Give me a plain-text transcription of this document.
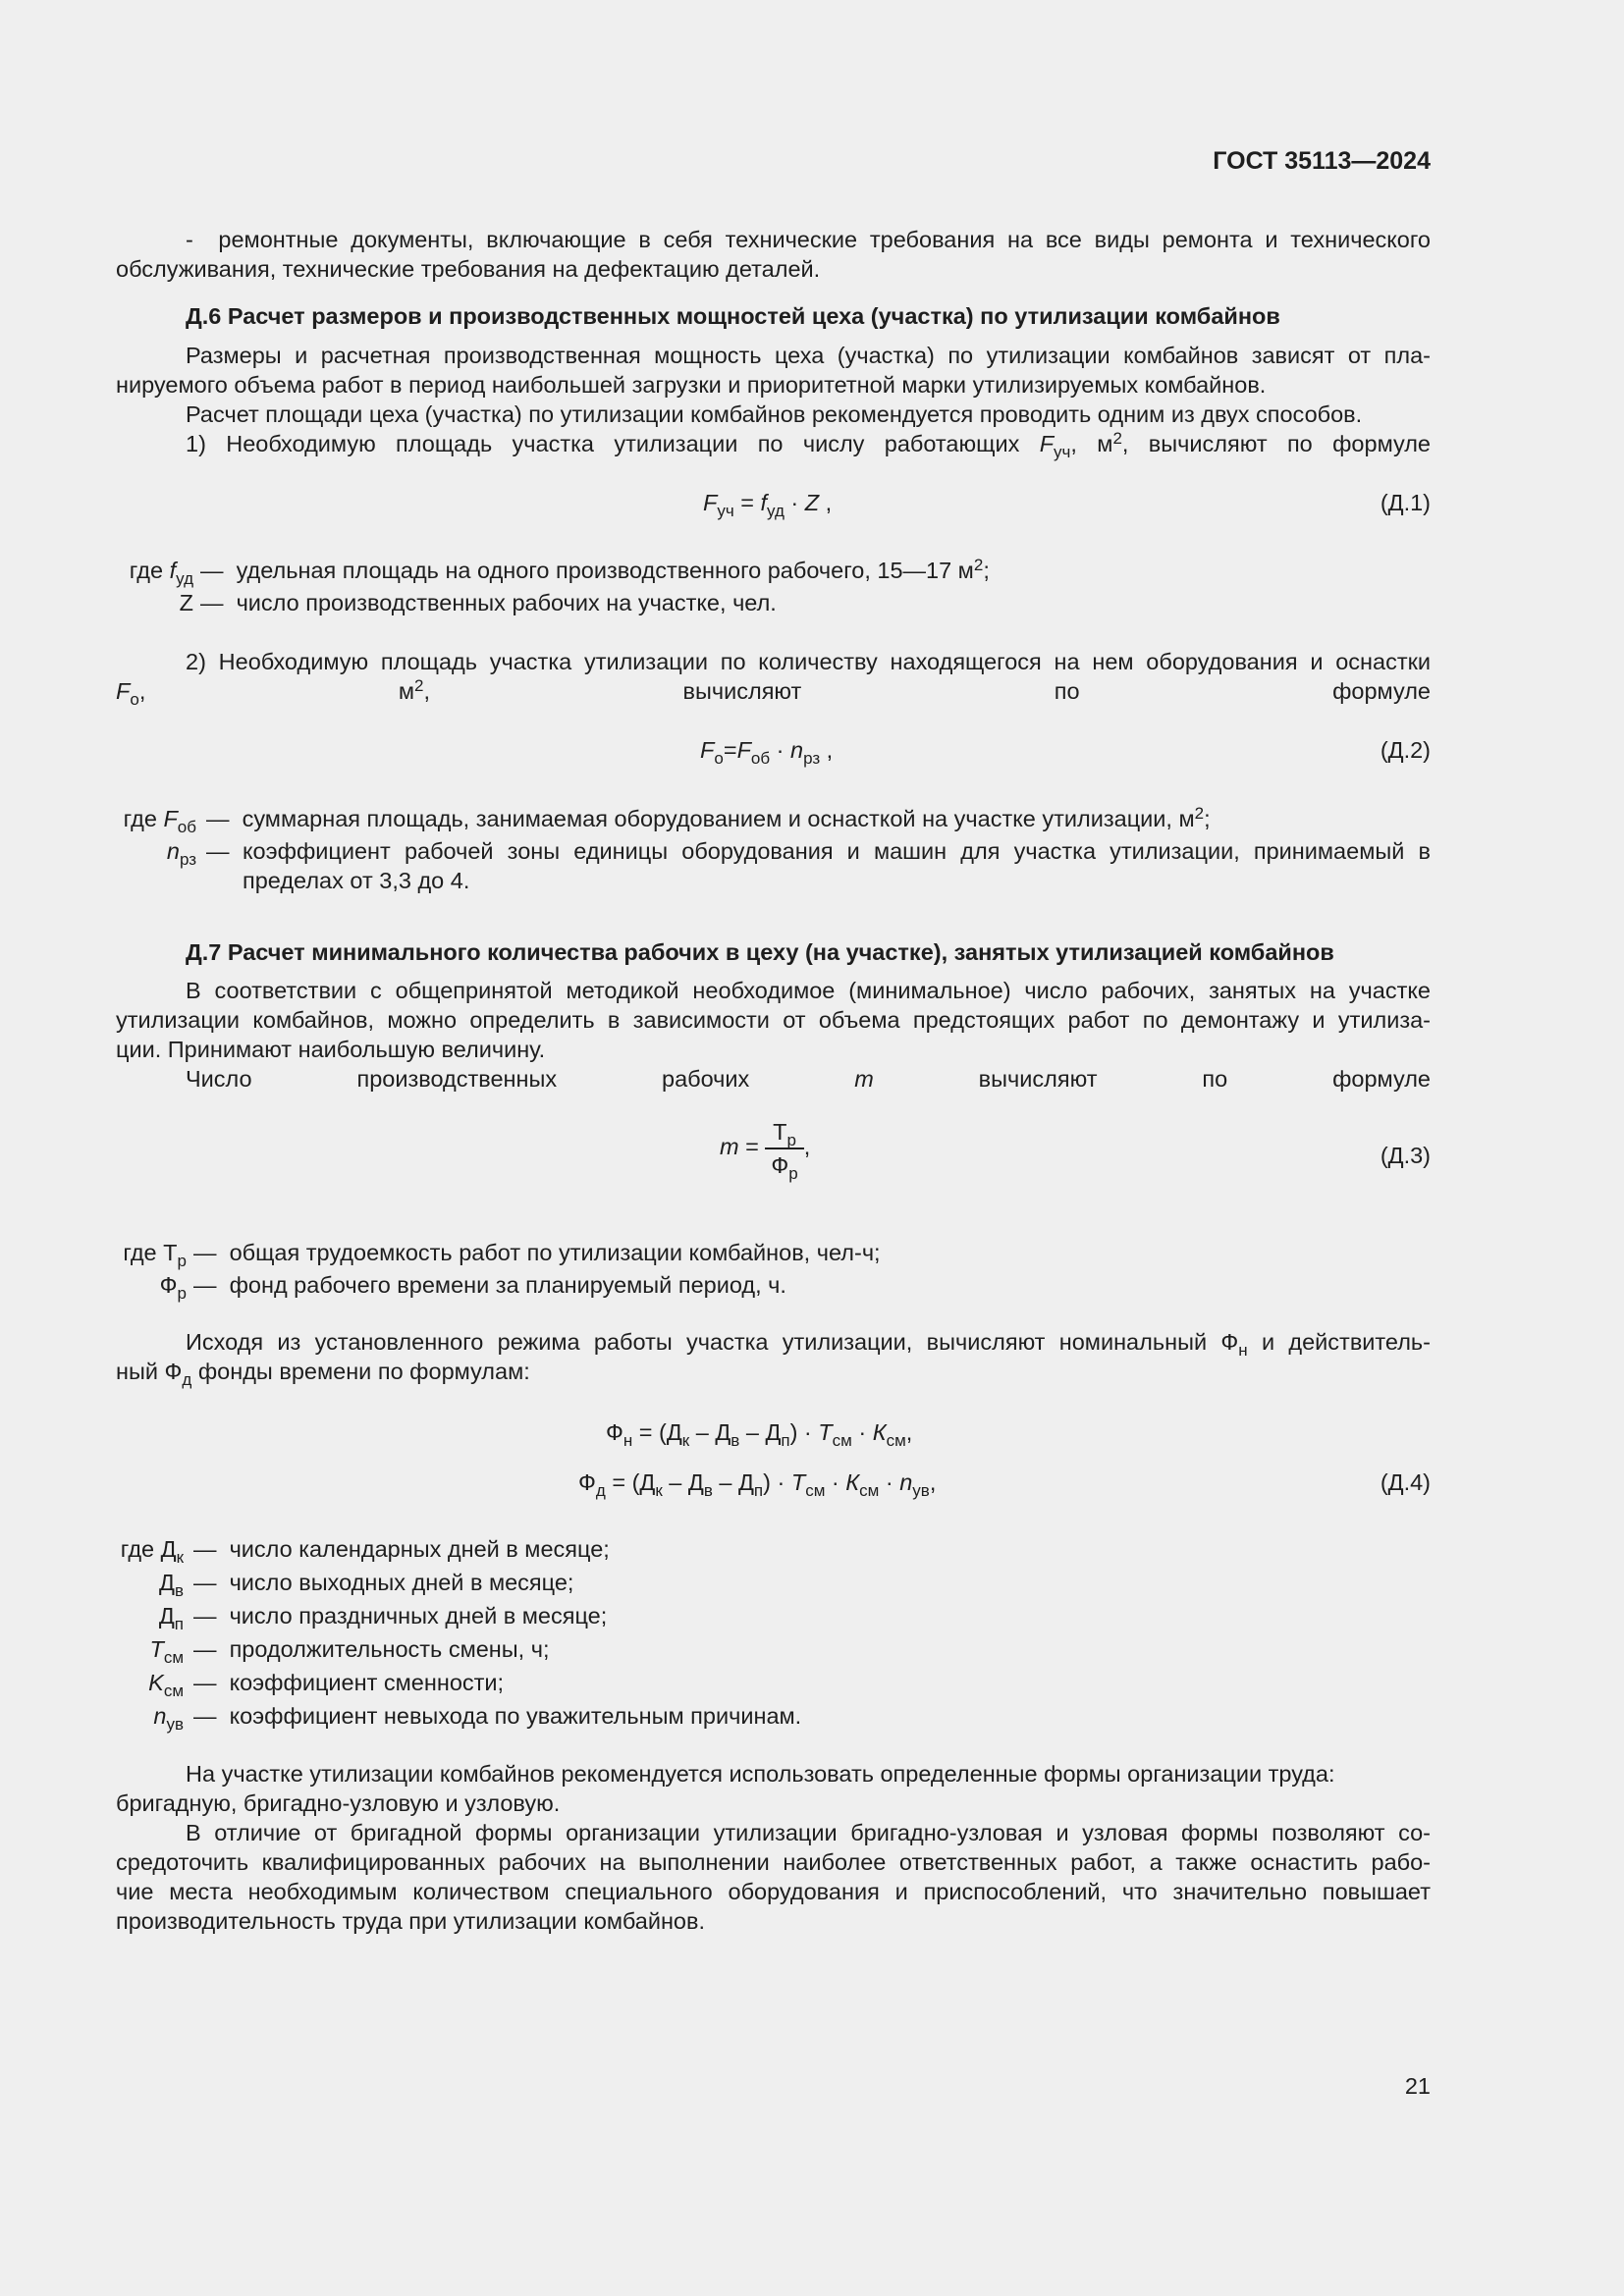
ГОСТ 35113—2024
- ремонтные документы, включающие в себя технические требования на все виды ремонта и технического
обслуживания, технические требования на дефектацию деталей.
Д.6 Расчет размеров и производственных мощностей цеха (участка) по утилизации комбайнов
Размеры и расчетная производственная мощность цеха (участка) по утилизации комбайнов зависят от пла-
нируемого объема работ в период наибольшей загрузки и приоритетной марки утилизируемых комбайнов.
Расчет площади цеха (участка) по утилизации комбайнов рекомендуется проводить одним из двух способов.
1) Необходимую площадь участка утилизации по числу работающих $F_{уч}$, $м^2$, вычисляют по формуле
$F_{уч} = f_{уд} \cdot Z$ ,	(Д.1)
где $f_{уд}$ — удельная площадь на одного производственного рабочего, 15—17 $м^2$;
Z — число производственных рабочих на участке, чел.
2) Необходимую площадь участка утилизации по количеству находящегося на нем оборудования и оснастки
$F_о$, $м^2$, вычисляют по формуле
$F_о=F_{об} \cdot n_{рз}$ ,	(Д.2)
где $F_{об}$ — суммарная площадь, занимаемая оборудованием и оснасткой на участке утилизации, $м^2$;
$n_{рз}$ — коэффициент рабочей зоны единицы оборудования и машин для участка утилизации, принимаемый в пределах от 3,3 до 4.
Д.7 Расчет минимального количества рабочих в цеху (на участке), занятых утилизацией комбайнов
В соответствии с общепринятой методикой необходимое (минимальное) число рабочих, занятых на участке
утилизации комбайнов, можно определить в зависимости от объема предстоящих работ по демонтажу и утилиза-
ции. Принимают наибольшую величину.
Число производственных рабочих m вычисляют по формуле
$m = \frac{Т_р}{Ф_р}$ ,	(Д.3)
где $Т_р$ — общая трудоемкость работ по утилизации комбайнов, чел-ч;
$Ф_р$ — фонд рабочего времени за планируемый период, ч.
Исходя из установленного режима работы участка утилизации, вычисляют номинальный $Ф_н$ и действитель-
ный $Ф_д$ фонды времени по формулам:
$Ф_н = (Д_к - Д_в - Д_п) \cdot Т_{см} \cdot К_{см}$,
$Ф_д = (Д_к - Д_в - Д_п) \cdot Т_{см} \cdot К_{см} \cdot n_{ув}$,	(Д.4)
где $Д_к$ — число календарных дней в месяце;
$Д_в$ — число выходных дней в месяце;
$Д_п$ — число праздничных дней в месяце;
$T_{см}$ — продолжительность смены, ч;
$K_{см}$ — коэффициент сменности;
$n_{ув}$ — коэффициент невыхода по уважительным причинам.
На участке утилизации комбайнов рекомендуется использовать определенные формы организации труда:
бригадную, бригадно-узловую и узловую.
В отличие от бригадной формы организации утилизации бригадно-узловая и узловая формы позволяют со-
средоточить квалифицированных рабочих на выполнении наиболее ответственных работ, а также оснастить рабо-
чие места необходимым количеством специального оборудования и приспособлений, что значительно повышает
производительность труда при утилизации комбайнов.
21
